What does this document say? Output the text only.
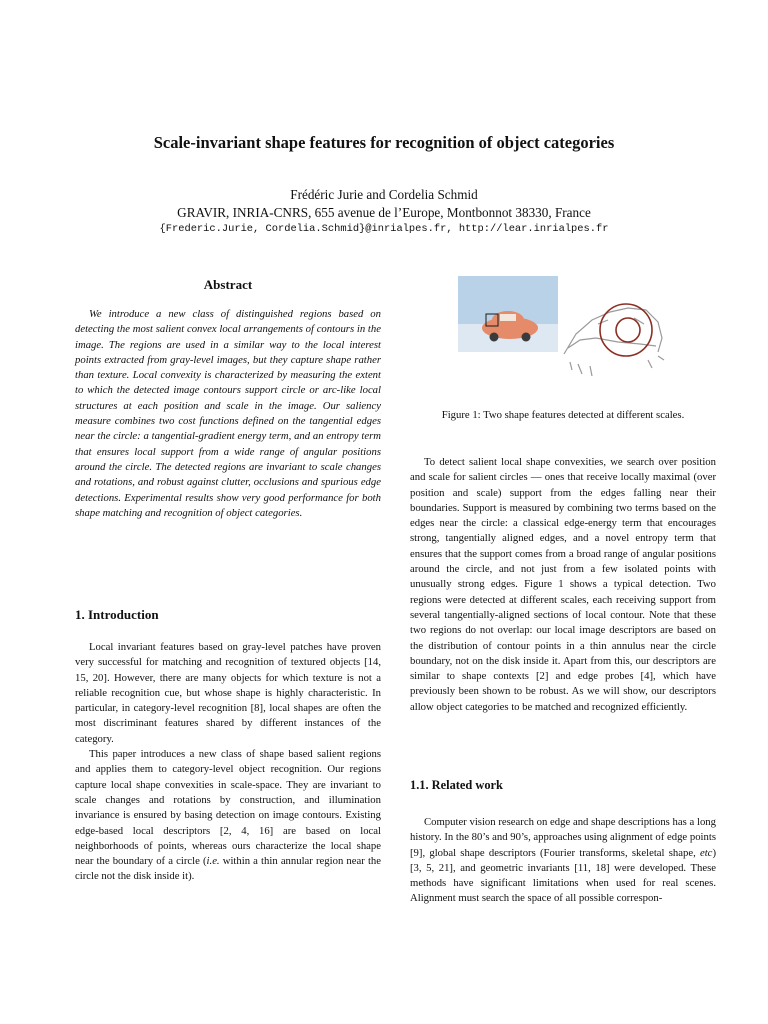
Scale-invariant shape features for recognition of object categories
Frédéric Jurie and Cordelia Schmid
GRAVIR, INRIA-CNRS, 655 avenue de l’Europe, Montbonnot 38330, France
{Frederic.Jurie, Cordelia.Schmid}@inrialpes.fr, http://lear.inrialpes.fr
Abstract

We introduce a new class of distinguished regions based on detecting the most salient convex local arrangements of contours in the image. The regions are used in a similar way to the local interest points extracted from gray-level images, but they capture shape rather than texture. Local convexity is characterized by measuring the extent to which the detected image contours support circle or arc-like local structures at each position and scale in the image. Our saliency measure combines two cost functions defined on the tangential edges near the circle: a tangential-gradient energy term, and an entropy term that ensures local support from a wide range of angular positions around the circle. The detected regions are invariant to scale changes and rotations, and robust against clutter, occlusions and spurious edge detections. Experimental results show very good performance for both shape matching and recognition of object categories.

1. Introduction

Local invariant features based on gray-level patches have proven very successful for matching and recognition of textured objects [14, 15, 20]. However, there are many objects for which texture is not a reliable recognition cue, but whose shape is highly characteristic. In particular, in category-level recognition [8], local shapes are often the most discriminant features shared by different instances of the category.

This paper introduces a new class of shape based salient regions and applies them to category-level object recognition. Our regions capture local shape convexities in scale-space. They are invariant to scale changes and rotations by construction, and illumination invariance is ensured by basing detection on image contours. Existing edge-based local descriptors [2, 4, 16] are based on local neighborhoods of points, whereas ours characterize the local shape near the boundary of a circle (i.e. within a thin annular region near the circle not the disk inside it).

Figure 1: Two shape features detected at different scales.

To detect salient local shape convexities, we search over position and scale for salient circles — ones that receive locally maximal (over position and scale) support from the edges falling near their boundaries. Support is measured by combining two terms based on the edges near the circle: a classical edge-energy term that encourages strong, tangentially aligned edges, and a novel entropy term that ensures that the support comes from a broad range of angular positions around the circle, and not just from a few isolated points with unusually strong edges. Figure 1 shows a typical detection. Two regions were detected at different scales, each receiving support from several tangentially-aligned sections of local contour. Note that these two regions do not overlap: our local image descriptors are based on the distribution of contour points in a thin annulus near the circle boundary, not on the disk inside it. Apart from this, our descriptors are similar to shape contexts [2] and edge probes [4], which have previously been shown to be robust. As we will show, our descriptors allow object categories to be matched and recognized efficiently.

1.1. Related work

Computer vision research on edge and shape descriptions has a long history. In the 80’s and 90’s, approaches using alignment of edge points [9], global shape descriptors (Fourier transforms, skeletal shape, etc) [3, 5, 21], and geometric invariants [11, 18] were developed. These methods have significant limitations when used for real scenes. Alignment must search the space of all possible correspon-
